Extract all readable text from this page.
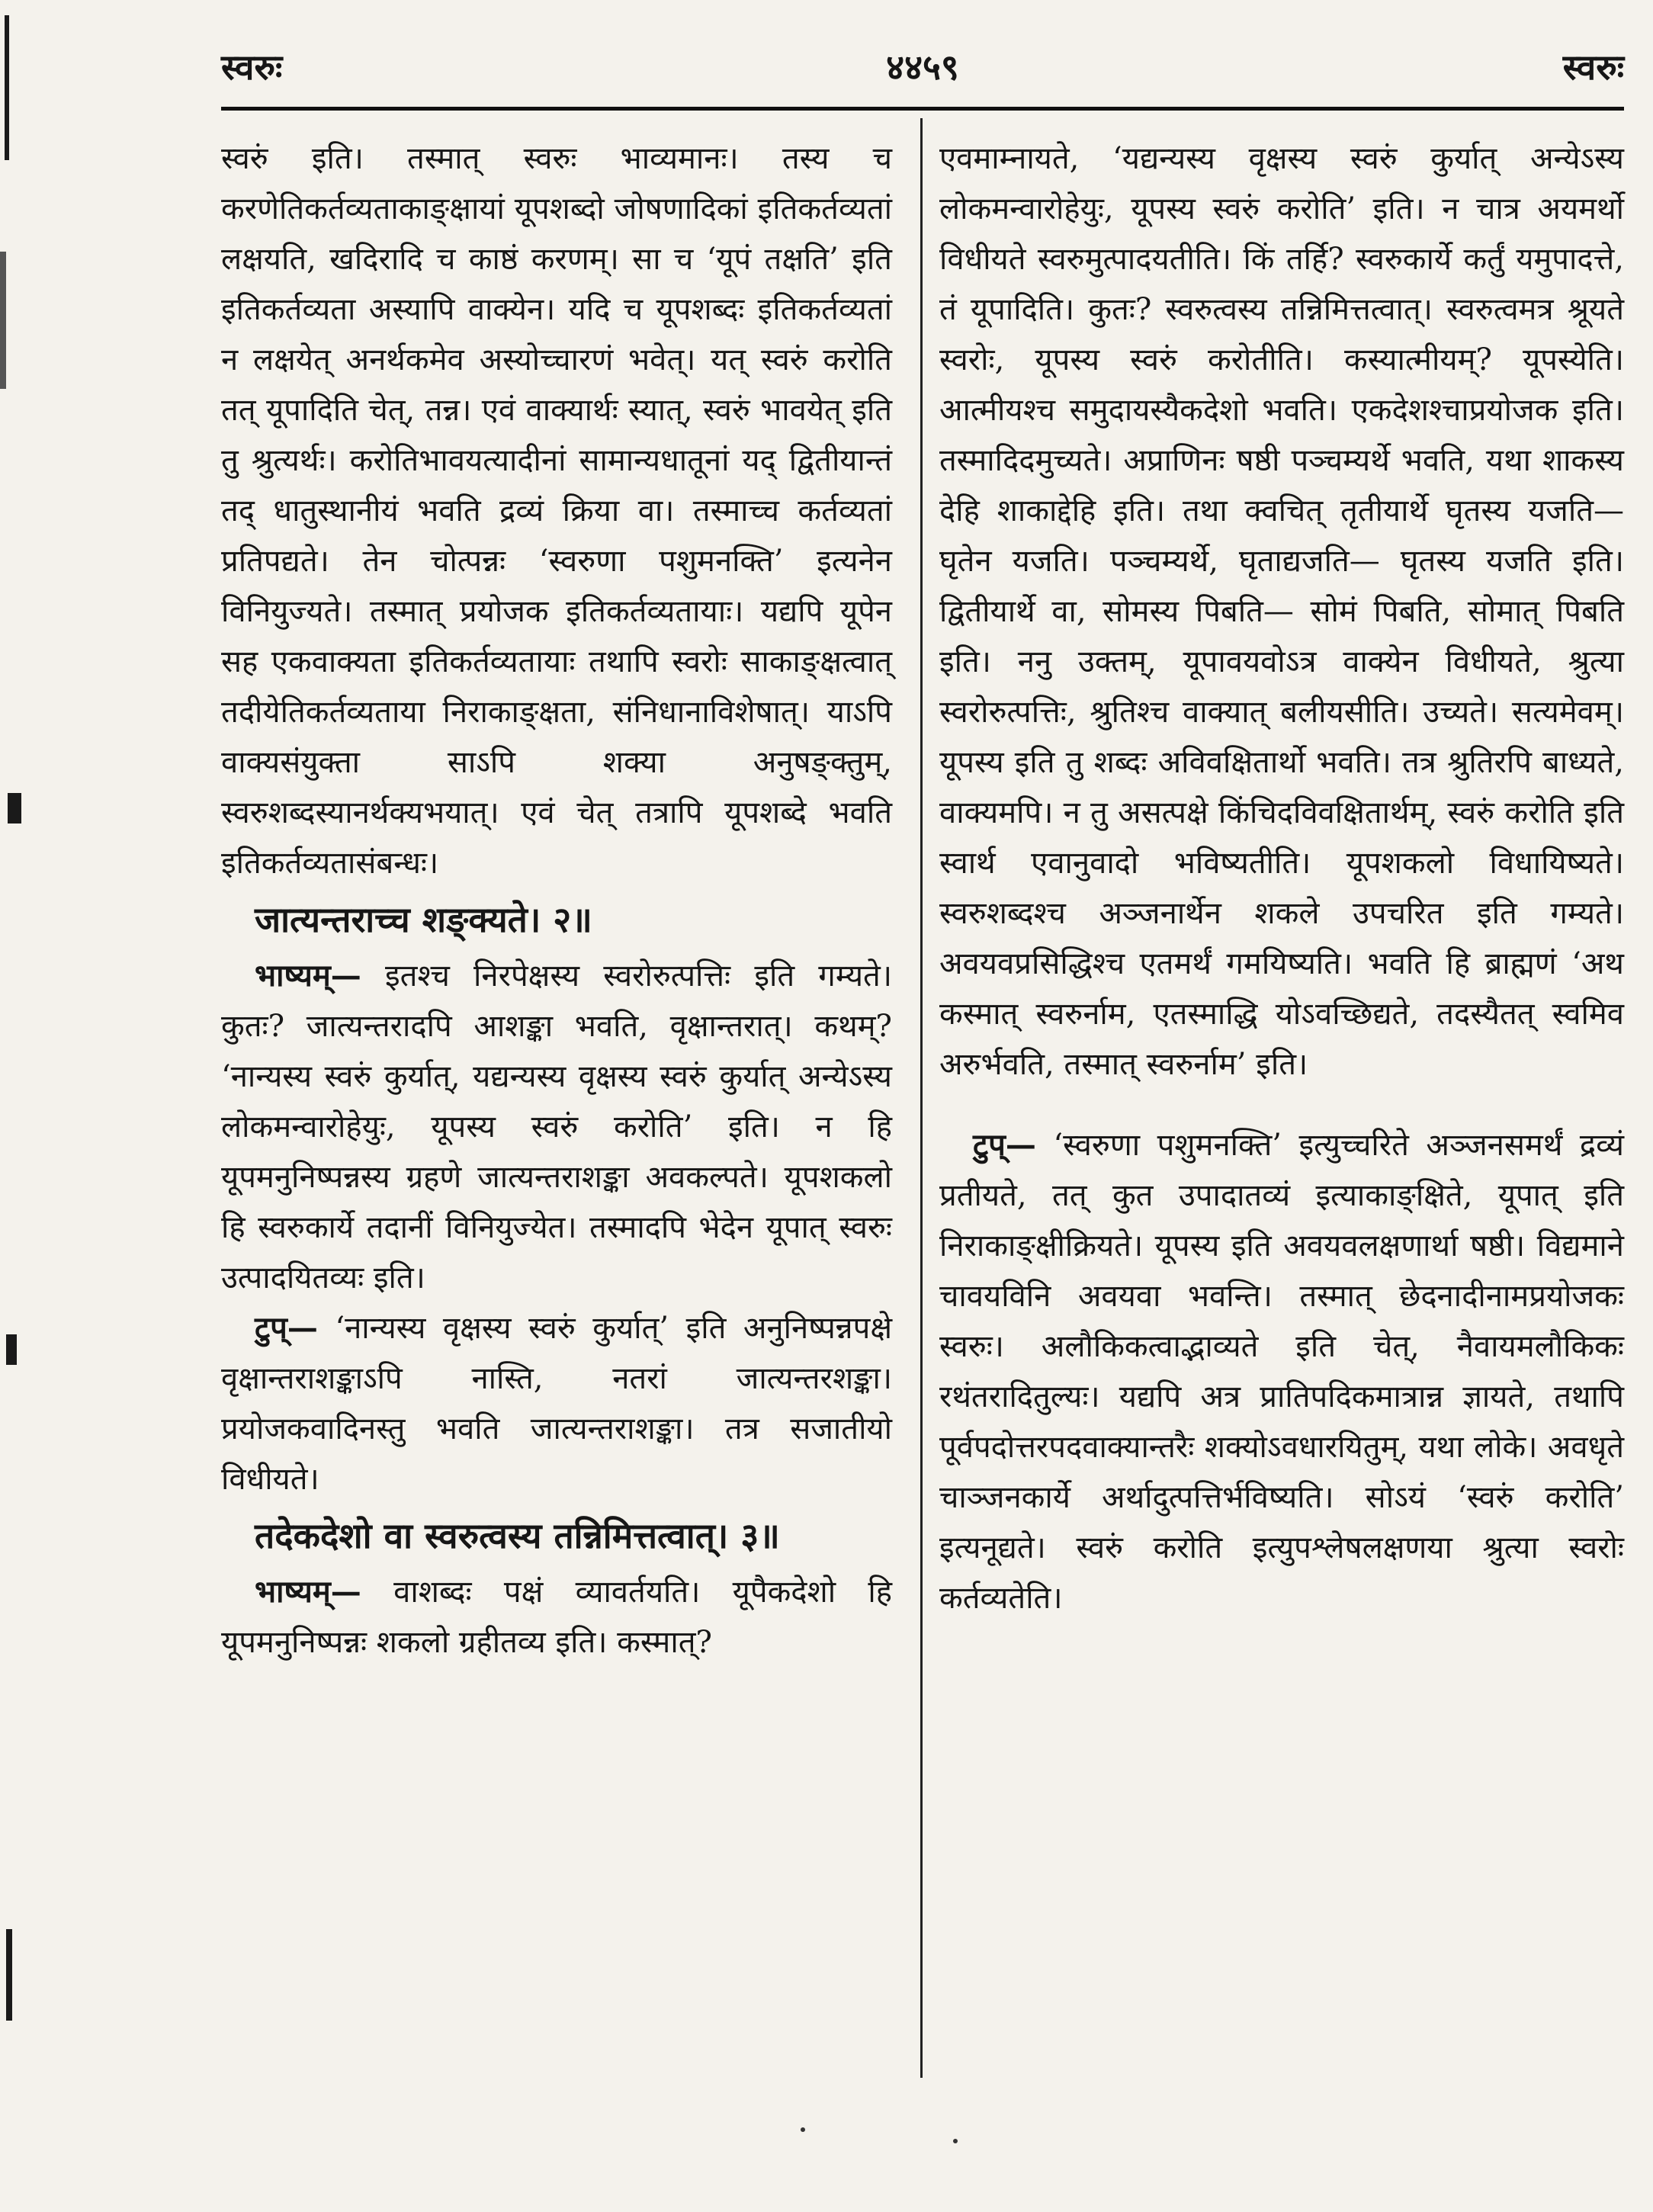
स्वरुः	४४५९	स्वरुः
स्वरुं इति। तस्मात् स्वरुः भाव्यमानः। तस्य च करणेतिकर्तव्यताकाङ्क्षायां यूपशब्दो जोषणादिकां इतिकर्तव्यतां लक्षयति, खदिरादि च काष्ठं करणम्। सा च ‘यूपं तक्षति’ इति इतिकर्तव्यता अस्यापि वाक्येन। यदि च यूपशब्दः इतिकर्तव्यतां न लक्षयेत् अनर्थकमेव अस्योच्चारणं भवेत्। यत् स्वरुं करोति तत् यूपादिति चेत्, तन्न। एवं वाक्यार्थः स्यात्, स्वरुं भावयेत् इति तु श्रुत्यर्थः। करोतिभावयत्यादीनां सामान्यधातूनां यद् द्वितीयान्तं तद् धातुस्थानीयं भवति द्रव्यं क्रिया वा। तस्माच्च कर्तव्यतां प्रतिपद्यते। तेन चोत्पन्नः ‘स्वरुणा पशुमनक्ति’ इत्यनेन विनियुज्यते। तस्मात् प्रयोजक इतिकर्तव्यतायाः। यद्यपि यूपेन सह एकवाक्यता इतिकर्तव्यतायाः तथापि स्वरोः साकाङ्क्षत्वात् तदीयेतिकर्तव्यताया निराकाङ्क्षता, संनिधानाविशेषात्। याऽपि वाक्यसंयुक्ता साऽपि शक्या अनुषङ्क्तुम्, स्वरुशब्दस्यानर्थक्यभयात्। एवं चेत् तत्रापि यूपशब्दे भवति इतिकर्तव्यतासंबन्धः।
जात्यन्तराच्च शङ्क्यते। २॥
भाष्यम्— इतश्च निरपेक्षस्य स्वरोरुत्पत्तिः इति गम्यते। कुतः? जात्यन्तरादपि आशङ्का भवति, वृक्षान्तरात्। कथम्? ‘नान्यस्य स्वरुं कुर्यात्, यद्यन्यस्य वृक्षस्य स्वरुं कुर्यात् अन्येऽस्य लोकमन्वारोहेयुः, यूपस्य स्वरुं करोति’ इति। न हि यूपमनुनिष्पन्नस्य ग्रहणे जात्यन्तराशङ्का अवकल्पते। यूपशकलो हि स्वरुकार्ये तदानीं विनियुज्येत। तस्मादपि भेदेन यूपात् स्वरुः उत्पादयितव्यः इति।
टुप्— ‘नान्यस्य वृक्षस्य स्वरुं कुर्यात्’ इति अनुनिष्पन्नपक्षे वृक्षान्तराशङ्काऽपि नास्ति, नतरां जात्यन्तरशङ्का। प्रयोजकवादिनस्तु भवति जात्यन्तराशङ्का। तत्र सजातीयो विधीयते।
तदेकदेशो वा स्वरुत्वस्य तन्निमित्तत्वात्। ३॥
भाष्यम्— वाशब्दः पक्षं व्यावर्तयति। यूपैकदेशो हि यूपमनुनिष्पन्नः शकलो ग्रहीतव्य इति। कस्मात्?
एवमाम्नायते, ‘यद्यन्यस्य वृक्षस्य स्वरुं कुर्यात् अन्येऽस्य लोकमन्वारोहेयुः, यूपस्य स्वरुं करोति’ इति। न चात्र अयमर्थो विधीयते स्वरुमुत्पादयतीति। किं तर्हि? स्वरुकार्ये कर्तुं यमुपादत्ते, तं यूपादिति। कुतः? स्वरुत्वस्य तन्निमित्तत्वात्। स्वरुत्वमत्र श्रूयते स्वरोः, यूपस्य स्वरुं करोतीति। कस्यात्मीयम्? यूपस्येति। आत्मीयश्च समुदायस्यैकदेशो भवति। एकदेशश्चाप्रयोजक इति। तस्मादिदमुच्यते। अप्राणिनः षष्ठी पञ्चम्यर्थे भवति, यथा शाकस्य देहि शाकाद्देहि इति। तथा क्वचित् तृतीयार्थे घृतस्य यजति— घृतेन यजति। पञ्चम्यर्थे, घृताद्यजति— घृतस्य यजति इति। द्वितीयार्थे वा, सोमस्य पिबति— सोमं पिबति, सोमात् पिबति इति। ननु उक्तम्, यूपावयवोऽत्र वाक्येन विधीयते, श्रुत्या स्वरोरुत्पत्तिः, श्रुतिश्च वाक्यात् बलीयसीति। उच्यते। सत्यमेवम्। यूपस्य इति तु शब्दः अविवक्षितार्थो भवति। तत्र श्रुतिरपि बाध्यते, वाक्यमपि। न तु असत्पक्षे किंचिदविवक्षितार्थम्, स्वरुं करोति इति स्वार्थ एवानुवादो भविष्यतीति। यूपशकलो विधायिष्यते। स्वरुशब्दश्च अञ्जनार्थेन शकले उपचरित इति गम्यते। अवयवप्रसिद्धिश्च एतमर्थं गमयिष्यति। भवति हि ब्राह्मणं ‘अथ कस्मात् स्वरुर्नाम, एतस्माद्धि योऽवच्छिद्यते, तदस्यैतत् स्वमिव अरुर्भवति, तस्मात् स्वरुर्नाम’ इति।
टुप्— ‘स्वरुणा पशुमनक्ति’ इत्युच्चरिते अञ्जनसमर्थं द्रव्यं प्रतीयते, तत् कुत उपादातव्यं इत्याकाङ्क्षिते, यूपात् इति निराकाङ्क्षीक्रियते। यूपस्य इति अवयवलक्षणार्था षष्ठी। विद्यमाने चावयविनि अवयवा भवन्ति। तस्मात् छेदनादीनामप्रयोजकः स्वरुः। अलौकिकत्वाद्भाव्यते इति चेत्, नैवायमलौकिकः रथंतरादितुल्यः। यद्यपि अत्र प्रातिपदिकमात्रान्न ज्ञायते, तथापि पूर्वपदोत्तरपदवाक्यान्तरैः शक्योऽवधारयितुम्, यथा लोके। अवधृते चाञ्जनकार्ये अर्थादुत्पत्तिर्भविष्यति। सोऽयं ‘स्वरुं करोति’ इत्यनूद्यते। स्वरुं करोति इत्युपश्लेषलक्षणया श्रुत्या स्वरोः कर्तव्यतेति।
